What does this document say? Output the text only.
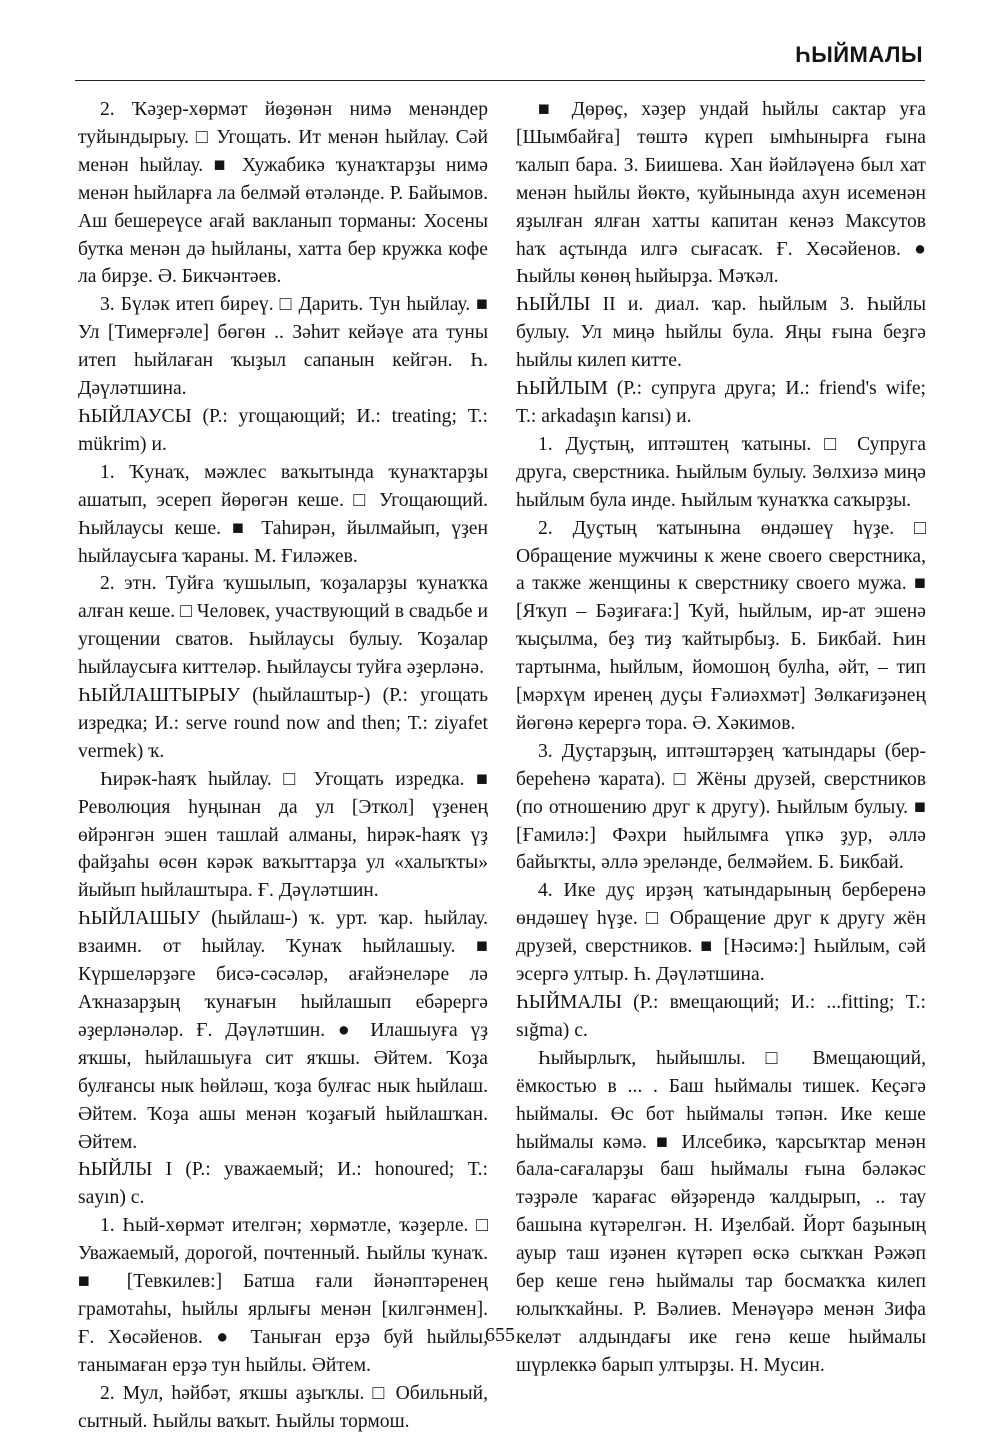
ҺЫЙМАЛЫ

2. Ҡәҙер-хөрмәт йөҙөнән нимә менәндер туйындырыу. □ Угощать. Ит менән һыйлау. Сәй менән һыйлау. ■ Хужабикә ҡунаҡтарҙы нимә менән һыйларға ла белмәй өтәләнде. Р. Байымов. Аш бешереүсе ағай вакланып торманы: Хосены бутка менән дә һыйланы, хатта бер кружка кофе ла бирҙе. Ә. Бикчәнтәев.

3. Бүләк итеп биреү. □ Дарить. Тун һыйлау. ■ Ул [Тимерғәле] бөгөн .. Зәһит кейәүе ата туны итеп һыйлаған ҡыҙыл сапанын кейгән. Һ. Дәүләтшина.

ҺЫЙЛАУСЫ (Р.: угощающий; И.: treating; Т.: mükrim) и.

1. Ҡунаҡ, мәжлес ваҡытында ҡунаҡтарҙы ашатып, эсереп йөрөгән кеше. □ Угощающий. Һыйлаусы кеше. ■ Таһирән, йылмайып, үҙен һыйлаусыға ҡараны. М. Ғиләжев.

2. этн. Туйға ҡушылып, ҡоҙаларҙы ҡунаҡҡа алған кеше. □ Человек, участвующий в свадьбе и угощении сватов. Һыйлаусы булыу. Ҡоҙалар һыйлаусыға киттеләр. Һыйлаусы туйға әҙерләнә.

ҺЫЙЛАШТЫРЫУ (һыйлаштыр-) (Р.: угощать изредка; И.: serve round now and then; Т.: ziyafet vermek) ҡ.

Һирәк-һаяҡ һыйлау. □ Угощать изредка. ■ Революция һуңынан да ул [Эткол] үҙенең өйрәнгән эшен ташлай алманы, һирәк-һаяҡ үҙ файҙаһы өсөн кәрәк ваҡыттарҙа ул «халыҡты» йыйып һыйлаштыра. Ғ. Дәүләтшин.

ҺЫЙЛАШЫУ (һыйлаш-) ҡ. урт. ҡар. һыйлау. взаимн. от һыйлау. Ҡунаҡ һыйлашыу. ■ Күршеләрҙәге бисә-сәсәләр, ағайэнеләре лә Аҡназарҙың ҡунағын һыйлашып ебәрергә әҙерләнәләр. Ғ. Дәүләтшин. ● Илашыуға үҙ яҡшы, һыйлашыуға сит яҡшы. Әйтем. Ҡоҙа булғансы нык һөйләш, ҡоҙа булғас нык һыйлаш. Әйтем. Ҡоҙа ашы менән ҡоҙағый һыйлашҡан. Әйтем.

ҺЫЙЛЫ I (Р.: уважаемый; И.: honoured; Т.: sayın) с.

1. Һый-хөрмәт ителгән; хөрмәтле, ҡәҙерле. □ Уважаемый, дорогой, почтенный. Һыйлы ҡунаҡ. ■ [Тевкилев:] Батша ғали йәнәптәренең грамотаһы, һыйлы ярлығы менән [килгәнмен]. Ғ. Хөсәйенов. ● Таныған ерҙә буй һыйлы, танымаған ерҙә тун һыйлы. Әйтем.

2. Мул, һәйбәт, яҡшы аҙыҡлы. □ Обильный, сытный. Һыйлы ваҡыт. Һыйлы тормош.

■ Дөрөҫ, хәҙер ундай һыйлы сактар уға [Шымбайға] төштә күреп ымһынырға ғына ҡалып бара. З. Биишева. Хан йәйләүенә был хат менән һыйлы йөктө, ҡуйынында ахун исеменән яҙылған ялған хатты капитан кенәз Максутов һаҡ аҫтында илгә сығасаҡ. Ғ. Хөсәйенов. ● Һыйлы көнөң һыйырҙа. Мәҡәл.

ҺЫЙЛЫ II и. диал. ҡар. һыйлым 3. Һыйлы булыу. Ул миңә һыйлы була. Яңы ғына беҙгә һыйлы килеп китте.

ҺЫЙЛЫМ (Р.: супруга друга; И.: friend's wife; Т.: arkadaşın karısı) и.

1. Дуҫтың, иптәштең ҡатыны. □ Супруга друга, сверстника. Һыйлым булыу. Зөлхизә миңә һыйлым була инде. Һыйлым ҡунаҡҡа саҡырҙы.

2. Дуҫтың ҡатынына өндәшеү һүҙе. □ Обращение мужчины к жене своего сверстника, а также женщины к сверстнику своего мужа. ■ [Яҡуп – Бәҙиғаға:] Ҡуй, һыйлым, ир-ат эшенә ҡыҫылма, беҙ тиҙ ҡайтырбыҙ. Б. Бикбай. Һин тартынма, һыйлым, йомошоң булһа, әйт, – тип [мәрхүм иренең дуҫы Ғәлиәхмәт] Зөлкағиҙәнең йөгөнә керергә тора. Ә. Хәкимов.

3. Дуҫтарҙың, иптәштәрҙең ҡатындары (бер-береһенә ҡарата). □ Жёны друзей, сверстников (по отношению друг к другу). Һыйлым булыу. ■ [Ғамилә:] Фәхри һыйлымға үпкә ҙур, әллә байыҡты, әллә эреләнде, белмәйем. Б. Бикбай.

4. Ике дуҫ ирҙәң ҡатындарының берберенә өндәшеү һүҙе. □ Обращение друг к другу жён друзей, сверстников. ■ [Нәсимә:] Һыйлым, сәй эсергә ултыр. Һ. Дәүләтшина.

ҺЫЙМАЛЫ (Р.: вмещающий; И.: ...fitting; Т.: sığma) с.

Һыйырлыҡ, һыйышлы. □ Вмещающий, ёмкостью в ... . Баш һыймалы тишек. Кеҫәгә һыймалы. Өс бот һыймалы тәпән. Ике кеше һыймалы кәмә. ■ Илсебикә, ҡарсыҡтар менән бала-сағаларҙы баш һыймалы ғына бәләкәс тәҙрәле ҡарағас өйҙәрендә ҡалдырып, .. тау башына күтәрелгән. Н. Иҙелбай. Йорт баҙының ауыр таш иҙәнен күтәреп өскә сыҡҡан Рәжәп бер кеше генә һыймалы тар босмаҡҡа килеп юлыҡҡайны. Р. Вәлиев. Менәүәрә менән Зифа келәт алдындағы ике генә кеше һыймалы шүрлеккә барып ултырҙы. Н. Мусин.

655
